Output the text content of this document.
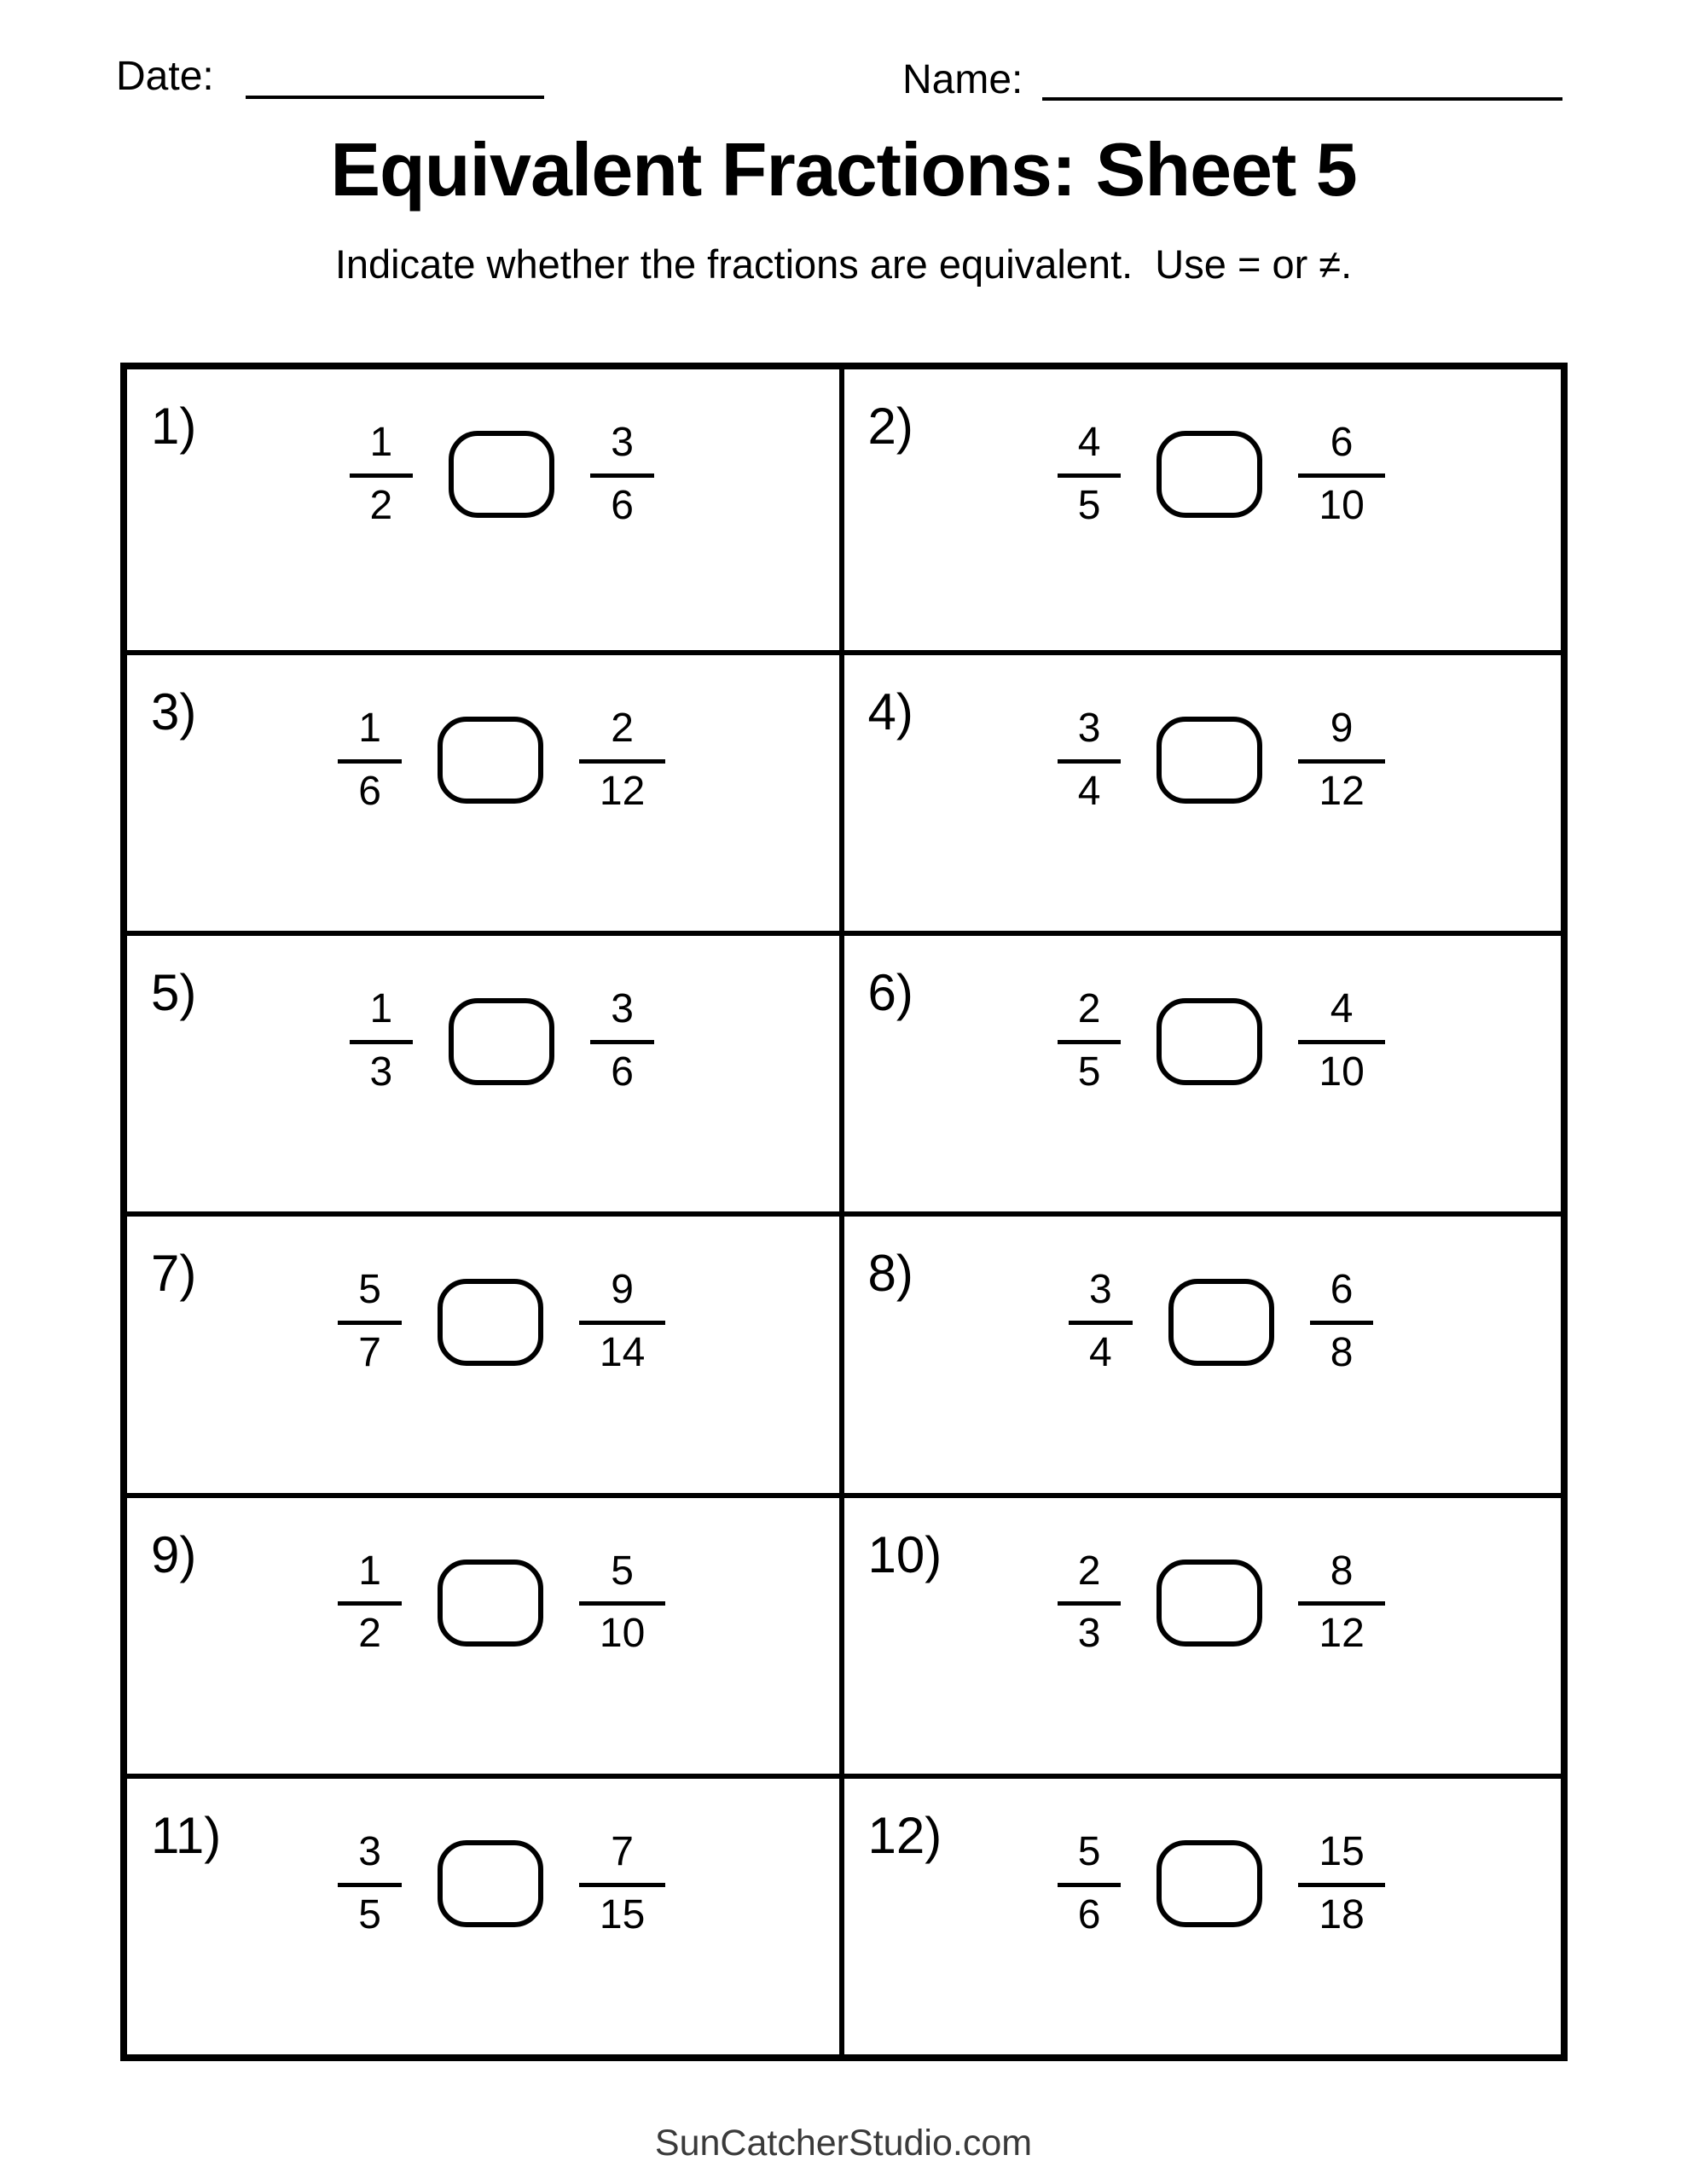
Date:	Name:
Equivalent Fractions: Sheet 5
Indicate whether the fractions are equivalent.  Use = or ≠.
1)	1
2
3
6
2)	4
5
6
10
3)	1
6
2
12
4)	3
4
9
12
5)	1
3
3
6
6)	2
5
4
10
7)	5
7
9
14
8)	3
4
6
8
9)	1
2
5
10
10)	2
3
8
12
11)	3
5
7
15
12)	5
6
15
18
SunCatcherStudio.com
